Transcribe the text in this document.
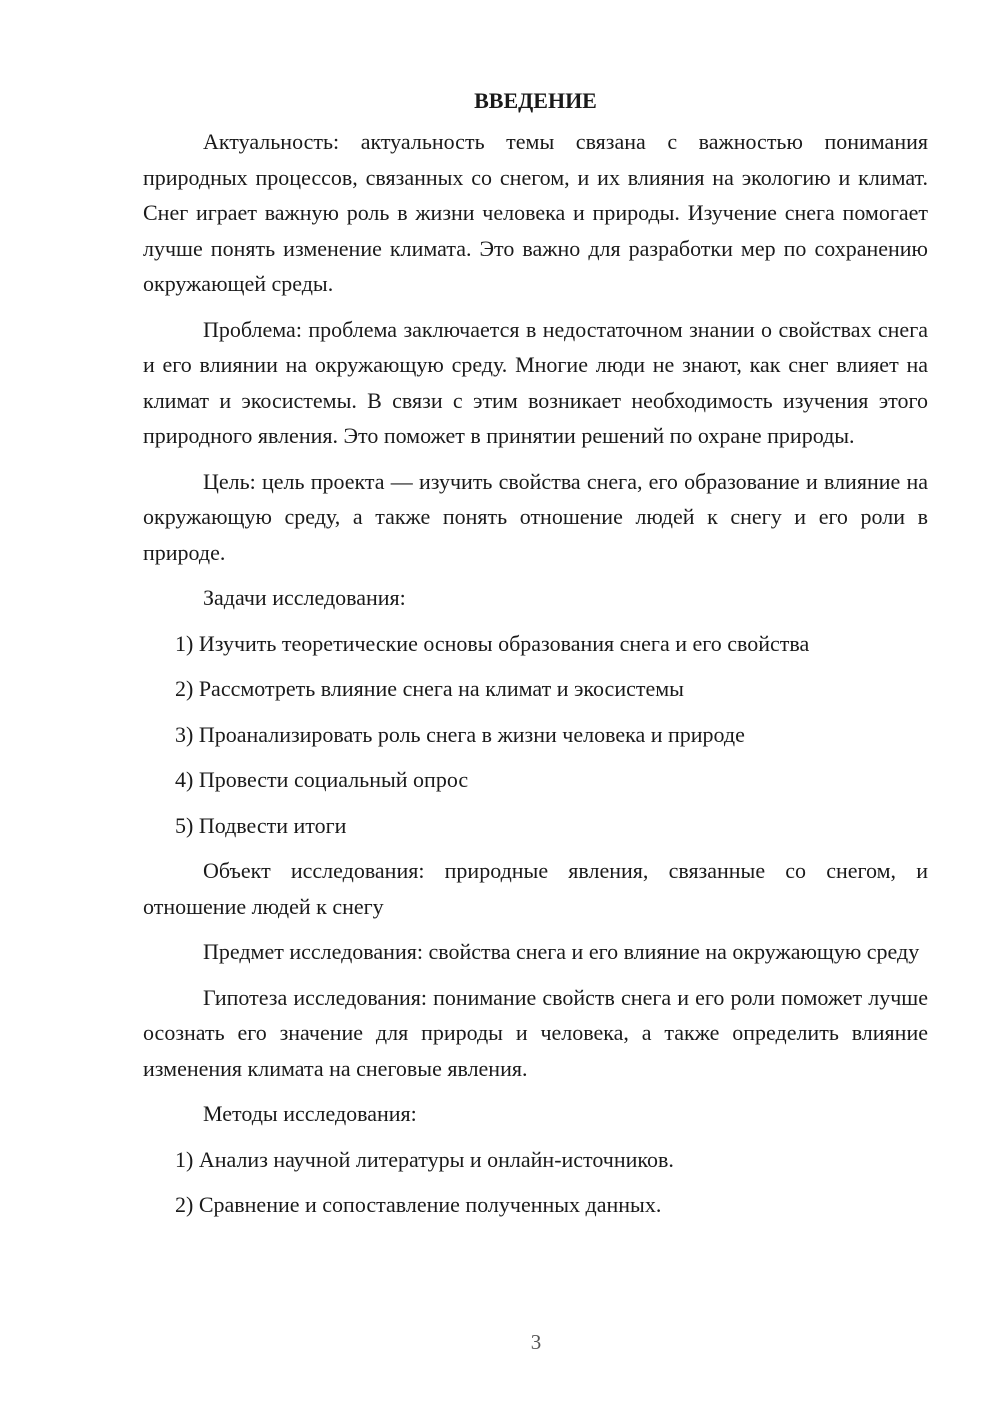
ВВЕДЕНИЕ

Актуальность: актуальность темы связана с важностью понимания природных процессов, связанных со снегом, и их влияния на экологию и климат. Снег играет важную роль в жизни человека и природы. Изучение снега помогает лучше понять изменение климата. Это важно для разработки мер по сохранению окружающей среды.

Проблема: проблема заключается в недостаточном знании о свойствах снега и его влиянии на окружающую среду. Многие люди не знают, как снег влияет на климат и экосистемы. В связи с этим возникает необходимость изучения этого природного явления. Это поможет в принятии решений по охране природы.

Цель: цель проекта — изучить свойства снега, его образование и влияние на окружающую среду, а также понять отношение людей к снегу и его роли в природе.

Задачи исследования:

1) Изучить теоретические основы образования снега и его свойства

2) Рассмотреть влияние снега на климат и экосистемы

3) Проанализировать роль снега в жизни человека и природе

4) Провести социальный опрос

5) Подвести итоги

Объект исследования: природные явления, связанные со снегом, и отношение людей к снегу

Предмет исследования: свойства снега и его влияние на окружающую среду

Гипотеза исследования: понимание свойств снега и его роли поможет лучше осознать его значение для природы и человека, а также определить влияние изменения климата на снеговые явления.

Методы исследования:

1) Анализ научной литературы и онлайн-источников.

2) Сравнение и сопоставление полученных данных.

3
